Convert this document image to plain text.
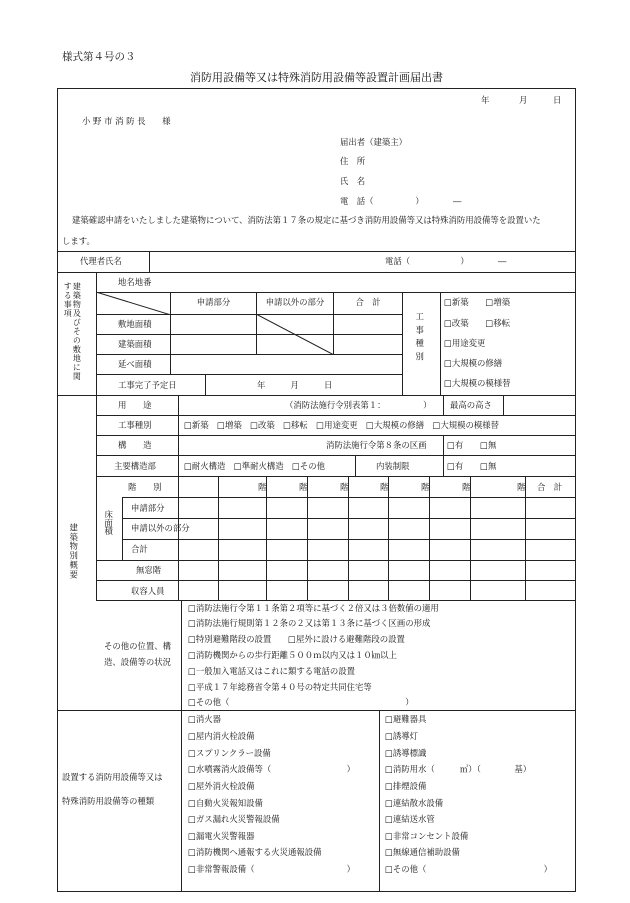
様式第４号の３
消防用設備等又は特殊消防用設備等設置計画届出書
年	月	日
小 野 市 消 防 長　　様
届出者（建築主）
住　所
氏　名
電　話（　　　　　）　　　　―
建築確認申請をいたしました建築物について、消防法第１７条の規定に基づき消防用設備等又は特殊消防用設備等を設置いた
します。
代理者氏名	電話（　　　　　　）　　　　―
建築物及びその敷地に関する事項	地名地番
申請部分	申請以外の部分	合　計
敷地面積
建築面積
延べ面積
工事完了予定日	年　　　月　　　日
工事種別
□新築　　□増築
□改築　　□移転
□用途変更
□大規模の修繕
□大規模の模様替
建築物別概要
用　　途	（消防法施行令別表第１：　　　　　） 最高の高さ
工事種別	□新築　□増築　□改築　□移転　□用途変更　□大規模の修繕　□大規模の模様替
構　　造	消防法施行令第８条の区画 □有　　□無
主要構造部	□耐火構造　□準耐火構造　□その他	内装制限	□有　　□無
階　　別	階	階	階	階	階	階	階 合　計
床面積
申請部分
申請以外の部分
合計
無窓階
収容人員
その他の位置、構
造、設備等の状況
□消防法施行令第１１条第２項等に基づく２倍又は３倍数値の適用
□消防法施行規則第１２条の２又は第１３条に基づく区画の形成
□特別避難階段の設置　　□屋外に設ける避難階段の設置
□消防機関からの歩行距離５００ｍ以内又は１０㎞以上
□一般加入電話又はこれに類する電話の設置
□平成１７年総務省令第４０号の特定共同住宅等
□その他（　　　　　　　　　　　　　　　　　　　　　）
設置する消防用設備等又は
特殊消防用設備等の種類
□消火器
□屋内消火栓設備
□スプリンクラー設備
□水噴霧消火設備等（　　　　　　　　　）
□屋外消火栓設備
□自動火災報知設備
□ガス漏れ火災警報設備
□漏電火災警報器
□消防機関へ通報する火災通報設備
□非常警報設備（　　　　　　　　　　　）
□避難器具
□誘導灯
□誘導標識
□消防用水（　　　㎥）（　　　　基）
□排煙設備
□連結散水設備
□連結送水管
□非常コンセント設備
□無線通信補助設備
□その他（　　　　　　　　　　　　　　）
